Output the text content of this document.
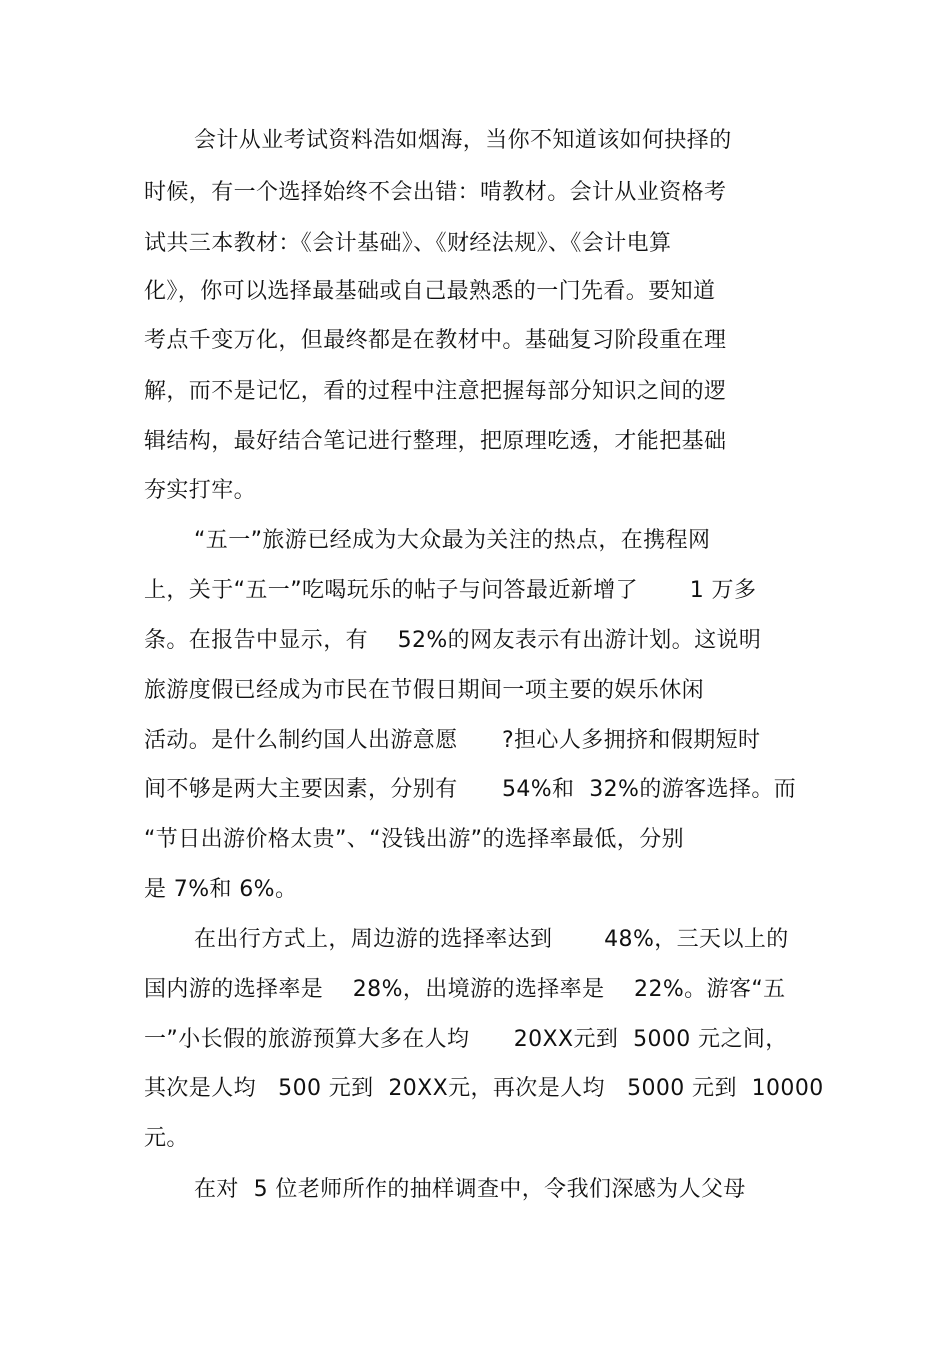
会计从业考试资料浩如烟海，当你不知道该如何抉择的
时候，有一个选择始终不会出错：啃教材。会计从业资格考
试共三本教材：《会计基础》、《财经法规》、《会计电算
化》，你可以选择最基础或自己最熟悉的一门先看。要知道
考点千变万化，但最终都是在教材中。基础复习阶段重在理
解，而不是记忆，看的过程中注意把握每部分知识之间的逻
辑结构，最好结合笔记进行整理，把原理吃透，才能把基础
夯实打牢。
“五一”旅游已经成为大众最为关注的热点，在携程网
上，关于“五一”吃喝玩乐的帖子与问答最近新增了       1 万多
条。在报告中显示，有    52%的网友表示有出游计划。这说明
旅游度假已经成为市民在节假日期间一项主要的娱乐休闲
活动。是什么制约国人出游意愿      ?担心人多拥挤和假期短时
间不够是两大主要因素，分别有      54%和  32%的游客选择。而
“节日出游价格太贵”、“没钱出游”的选择率最低，分别
是 7%和 6%。
在出行方式上，周边游的选择率达到       48%，三天以上的
国内游的选择率是    28%，出境游的选择率是    22%。游客“五
一”小长假的旅游预算大多在人均      20XX元到  5000 元之间，
其次是人均   500 元到  20XX元，再次是人均   5000 元到  10000
元。
在对  5 位老师所作的抽样调查中，令我们深感为人父母
